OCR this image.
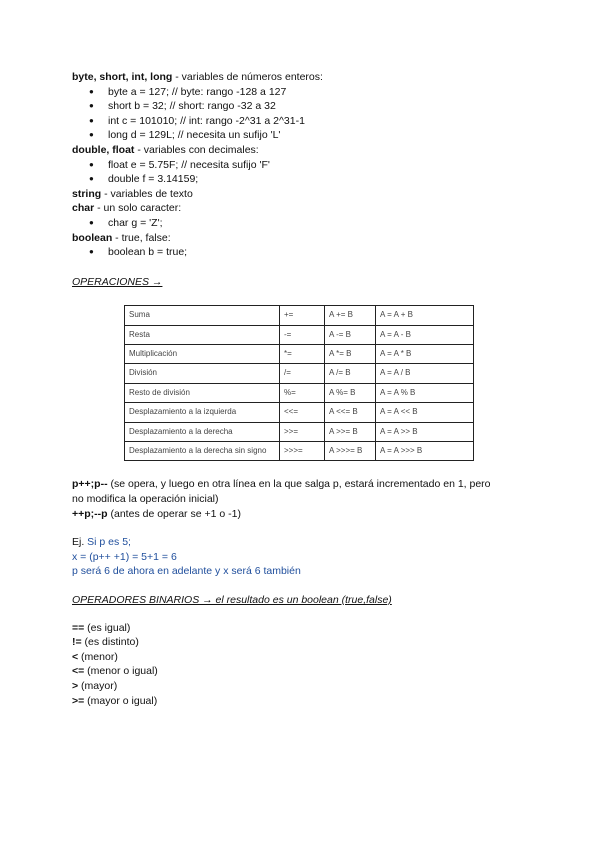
byte, short, int, long - variables de números enteros:
● byte a = 127; // byte: rango -128 a 127
● short b = 32; // short: rango -32 a 32
● int c = 101010; // int: rango -2^31 a 2^31-1
● long d = 129L; // necesita un sufijo 'L'
double, float - variables con decimales:
● float e = 5.75F; // necesita sufijo 'F'
● double f = 3.14159;
string - variables de texto
char - un solo caracter:
● char g = 'Z';
boolean - true, false:
● boolean b = true;
OPERACIONES →
Suma	+=	A += B	A = A + B
Resta	-=	A -= B	A = A - B
Multiplicación	*=	A *= B	A = A * B
División	/=	A /= B	A = A / B
Resto de división	%=	A %= B	A = A % B
Desplazamiento a la izquierda	<<=	A <<= B	A = A << B
Desplazamiento a la derecha	>>=	A >>= B	A = A >> B
Desplazamiento a la derecha sin signo	>>>=	A >>>= B	A = A >>> B
p++;p-- (se opera, y luego en otra línea en la que salga p, estará incrementado en 1, pero
no modifica la operación inicial)
++p;--p (antes de operar se +1 o -1)
Ej. Si p es 5;
x = (p++ +1) = 5+1 = 6
p será 6 de ahora en adelante y x será 6 también
OPERADORES BINARIOS → el resultado es un boolean (true,false)
== (es igual)
!= (es distinto)
< (menor)
<= (menor o igual)
> (mayor)
>= (mayor o igual)
